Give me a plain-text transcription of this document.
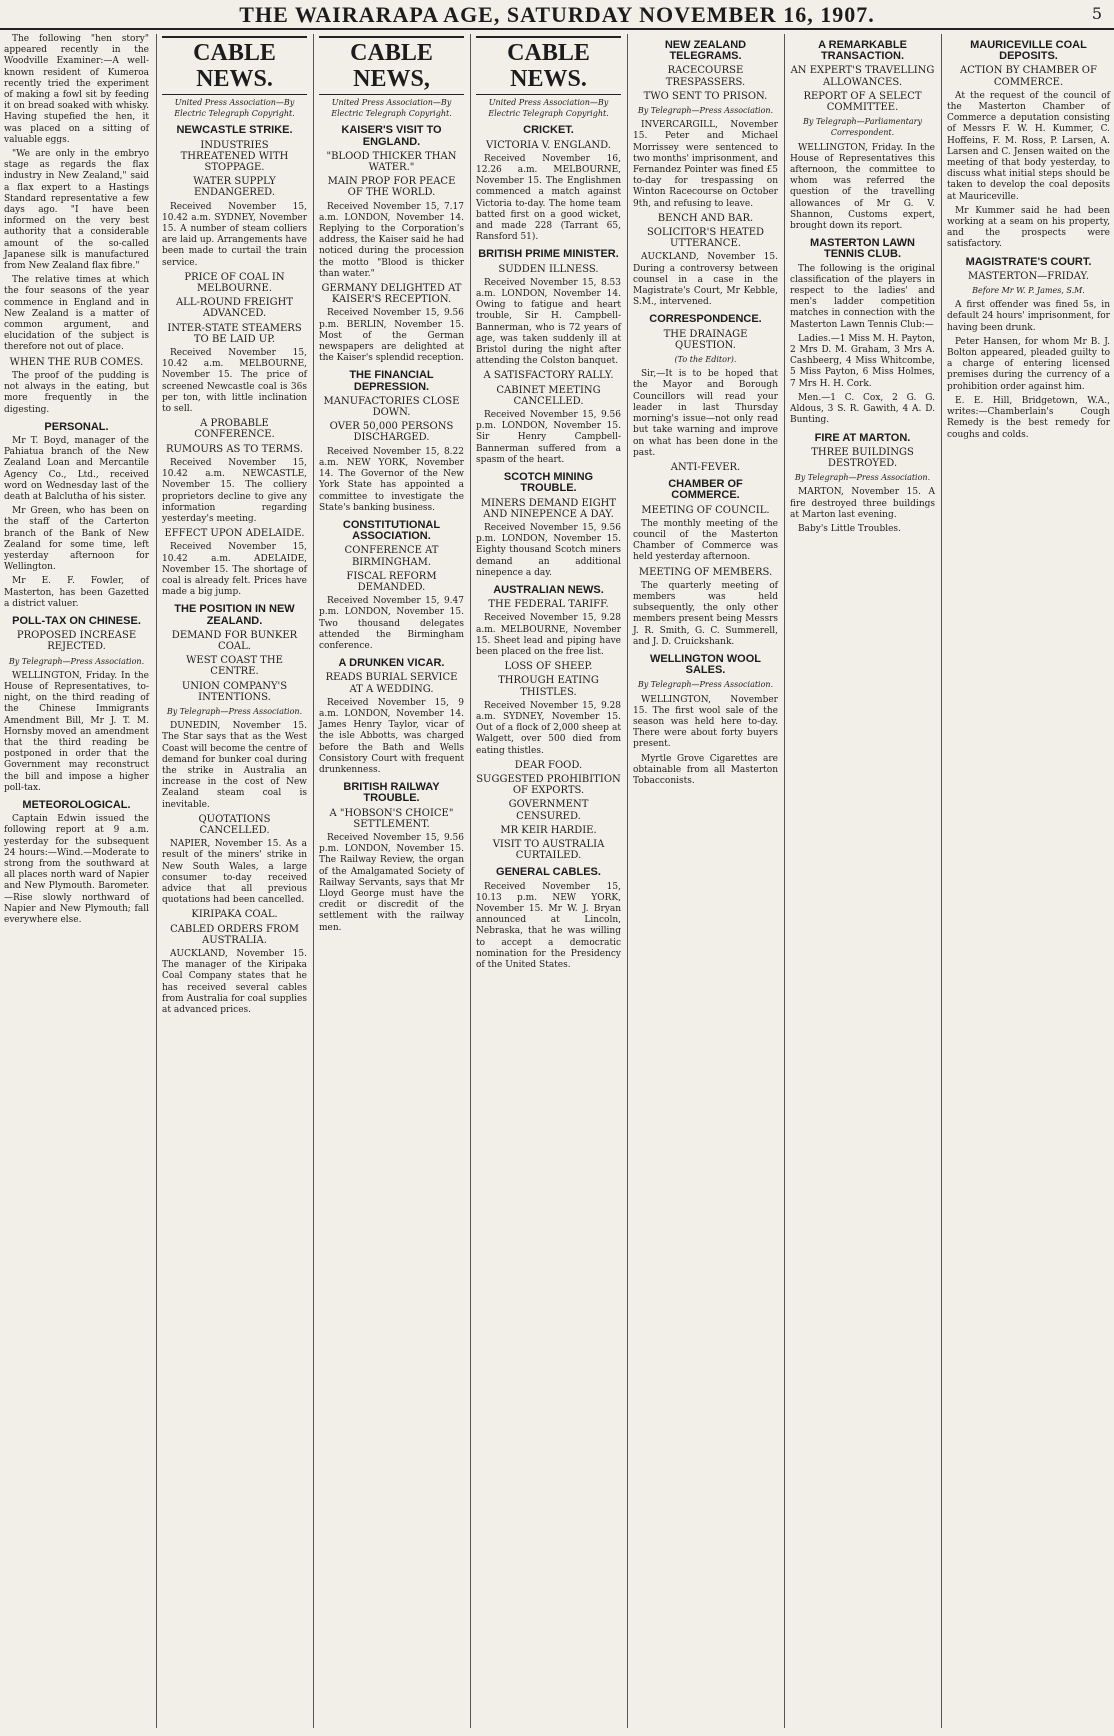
THE WAIRARAPA AGE, SATURDAY NOVEMBER 16, 1907.	5

The following "hen story" appeared recently in the Woodville Examiner:—A well-known resident of Kumeroa recently tried the experiment of making a fowl sit by feeding it on bread soaked with whisky. Having stupefied the hen, it was placed on a sitting of valuable eggs.

"We are only in the embryo stage as regards the flax industry in New Zealand," said a flax expert to a Hastings Standard representative a few days ago. "I have been informed on the very best authority that a considerable amount of the so-called Japanese silk is manufactured from New Zealand flax fibre."

The relative times at which the four seasons of the year commence in England and in New Zealand is a matter of common argument, and elucidation of the subject is therefore not out of place.

WHEN THE RUB COMES.

The proof of the pudding is not always in the eating, but more frequently in the digesting.

PERSONAL.

Mr T. Boyd, manager of the Pahiatua branch of the New Zealand Loan and Mercantile Agency Co., Ltd., received word on Wednesday last of the death at Balclutha of his sister.

Mr Green, who has been on the staff of the Carterton branch of the Bank of New Zealand for some time, left yesterday afternoon for Wellington.

Mr E. F. Fowler, of Masterton, has been Gazetted a district valuer.

POLL-TAX ON CHINESE.
PROPOSED INCREASE REJECTED.
By Telegraph—Press Association.

WELLINGTON, Friday. In the House of Representatives, to-night, on the third reading of the Chinese Immigrants Amendment Bill, Mr J. T. M. Hornsby moved an amendment that the third reading be postponed in order that the Government may reconstruct the bill and impose a higher poll-tax.

METEOROLOGICAL.

Captain Edwin issued the following report at 9 a.m. yesterday for the subsequent 24 hours:—Wind.—Moderate to strong from the southward at all places north ward of Napier and New Plymouth. Barometer.—Rise slowly northward of Napier and New Plymouth; fall everywhere else.

CABLE NEWS.
United Press Association—By Electric Telegraph Copyright.
NEWCASTLE STRIKE.
INDUSTRIES THREATENED WITH STOPPAGE.
WATER SUPPLY ENDANGERED.

Received November 15, 10.42 a.m. SYDNEY, November 15. A number of steam colliers are laid up. Arrangements have been made to curtail the train service.

PRICE OF COAL IN MELBOURNE.
ALL-ROUND FREIGHT ADVANCED.
INTER-STATE STEAMERS TO BE LAID UP.

Received November 15, 10.42 a.m. MELBOURNE, November 15. The price of screened Newcastle coal is 36s per ton, with little inclination to sell.

A PROBABLE CONFERENCE.
RUMOURS AS TO TERMS.

Received November 15, 10.42 a.m. NEWCASTLE, November 15. The colliery proprietors decline to give any information regarding yesterday's meeting.

EFFECT UPON ADELAIDE.

Received November 15, 10.42 a.m. ADELAIDE, November 15. The shortage of coal is already felt. Prices have made a big jump.

THE POSITION IN NEW ZEALAND.
DEMAND FOR BUNKER COAL.
WEST COAST THE CENTRE.
UNION COMPANY'S INTENTIONS.
By Telegraph—Press Association.

DUNEDIN, November 15. The Star says that as the West Coast will become the centre of demand for bunker coal during the strike in Australia an increase in the cost of New Zealand steam coal is inevitable.

QUOTATIONS CANCELLED.

NAPIER, November 15. As a result of the miners' strike in New South Wales, a large consumer to-day received advice that all previous quotations had been cancelled.

KIRIPAKA COAL.
CABLED ORDERS FROM AUSTRALIA.

AUCKLAND, November 15. The manager of the Kiripaka Coal Company states that he has received several cables from Australia for coal supplies at advanced prices.

CABLE NEWS,
United Press Association—By Electric Telegraph Copyright.
KAISER'S VISIT TO ENGLAND.
"BLOOD THICKER THAN WATER."
MAIN PROP FOR PEACE OF THE WORLD.

Received November 15, 7.17 a.m. LONDON, November 14. Replying to the Corporation's address, the Kaiser said he had noticed during the procession the motto "Blood is thicker than water."

GERMANY DELIGHTED AT KAISER'S RECEPTION.

Received November 15, 9.56 p.m. BERLIN, November 15. Most of the German newspapers are delighted at the Kaiser's splendid reception.

THE FINANCIAL DEPRESSION.
MANUFACTORIES CLOSE DOWN.
OVER 50,000 PERSONS DISCHARGED.

Received November 15, 8.22 a.m. NEW YORK, November 14. The Governor of the New York State has appointed a committee to investigate the State's banking business.

CONSTITUTIONAL ASSOCIATION.
CONFERENCE AT BIRMINGHAM.
FISCAL REFORM DEMANDED.

Received November 15, 9.47 p.m. LONDON, November 15. Two thousand delegates attended the Birmingham conference.

A DRUNKEN VICAR.
READS BURIAL SERVICE AT A WEDDING.

Received November 15, 9 a.m. LONDON, November 14. James Henry Taylor, vicar of the isle Abbotts, was charged before the Bath and Wells Consistory Court with frequent drunkenness.

BRITISH RAILWAY TROUBLE.
A "HOBSON'S CHOICE" SETTLEMENT.

Received November 15, 9.56 p.m. LONDON, November 15. The Railway Review, the organ of the Amalgamated Society of Railway Servants, says that Mr Lloyd George must have the credit or discredit of the settlement with the railway men.

CABLE NEWS.
United Press Association—By Electric Telegraph Copyright.
CRICKET.
VICTORIA V. ENGLAND.

Received November 16, 12.26 a.m. MELBOURNE, November 15. The Englishmen commenced a match against Victoria to-day. The home team batted first on a good wicket, and made 228 (Tarrant 65, Ransford 51).

BRITISH PRIME MINISTER.
SUDDEN ILLNESS.

Received November 15, 8.53 a.m. LONDON, November 14. Owing to fatigue and heart trouble, Sir H. Campbell-Bannerman, who is 72 years of age, was taken suddenly ill at Bristol during the night after attending the Colston banquet.

A SATISFACTORY RALLY.
CABINET MEETING CANCELLED.

Received November 15, 9.56 p.m. LONDON, November 15. Sir Henry Campbell-Bannerman suffered from a spasm of the heart.

SCOTCH MINING TROUBLE.
MINERS DEMAND EIGHT AND NINEPENCE A DAY.

Received November 15, 9.56 p.m. LONDON, November 15. Eighty thousand Scotch miners demand an additional ninepence a day.

AUSTRALIAN NEWS.
THE FEDERAL TARIFF.

Received November 15, 9.28 a.m. MELBOURNE, November 15. Sheet lead and piping have been placed on the free list.

LOSS OF SHEEP.
THROUGH EATING THISTLES.

Received November 15, 9.28 a.m. SYDNEY, November 15. Out of a flock of 2,000 sheep at Walgett, over 500 died from eating thistles.

DEAR FOOD.
SUGGESTED PROHIBITION OF EXPORTS.
GOVERNMENT CENSURED.
MR KEIR HARDIE.
VISIT TO AUSTRALIA CURTAILED.
GENERAL CABLES.

Received November 15, 10.13 p.m. NEW YORK, November 15. Mr W. J. Bryan announced at Lincoln, Nebraska, that he was willing to accept a democratic nomination for the Presidency of the United States.

NEW ZEALAND TELEGRAMS.
RACECOURSE TRESPASSERS.
TWO SENT TO PRISON.
By Telegraph—Press Association.

INVERCARGILL, November 15. Peter and Michael Morrissey were sentenced to two months' imprisonment, and Fernandez Pointer was fined £5 to-day for trespassing on Winton Racecourse on October 9th, and refusing to leave.

BENCH AND BAR.
SOLICITOR'S HEATED UTTERANCE.

AUCKLAND, November 15. During a controversy between counsel in a case in the Magistrate's Court, Mr Kebble, S.M., intervened.

CORRESPONDENCE.
THE DRAINAGE QUESTION.
(To the Editor).

Sir,—It is to be hoped that the Mayor and Borough Councillors will read your leader in last Thursday morning's issue—not only read but take warning and improve on what has been done in the past.

ANTI-FEVER.
CHAMBER OF COMMERCE.
MEETING OF COUNCIL.

The monthly meeting of the council of the Masterton Chamber of Commerce was held yesterday afternoon.

MEETING OF MEMBERS.

The quarterly meeting of members was held subsequently, the only other members present being Messrs J. R. Smith, G. C. Summerell, and J. D. Cruickshank.

WELLINGTON WOOL SALES.
By Telegraph—Press Association.

WELLINGTON, November 15. The first wool sale of the season was held here to-day. There were about forty buyers present.

Myrtle Grove Cigarettes are obtainable from all Masterton Tobacconists.

A REMARKABLE TRANSACTION.
AN EXPERT'S TRAVELLING ALLOWANCES.
REPORT OF A SELECT COMMITTEE.
By Telegraph—Parliamentary Correspondent.

WELLINGTON, Friday. In the House of Representatives this afternoon, the committee to whom was referred the question of the travelling allowances of Mr G. V. Shannon, Customs expert, brought down its report.

MASTERTON LAWN TENNIS CLUB.

The following is the original classification of the players in respect to the ladies' and men's ladder competition matches in connection with the Masterton Lawn Tennis Club:—

Ladies.—1 Miss M. H. Payton, 2 Mrs D. M. Graham, 3 Mrs A. Cashbeerg, 4 Miss Whitcombe, 5 Miss Payton, 6 Miss Holmes, 7 Mrs H. H. Cork.

Men.—1 C. Cox, 2 G. G. Aldous, 3 S. R. Gawith, 4 A. D. Bunting.

FIRE AT MARTON.
THREE BUILDINGS DESTROYED.
By Telegraph—Press Association.

MARTON, November 15. A fire destroyed three buildings at Marton last evening.

Baby's Little Troubles.

MAURICEVILLE COAL DEPOSITS.
ACTION BY CHAMBER OF COMMERCE.

At the request of the council of the Masterton Chamber of Commerce a deputation consisting of Messrs F. W. H. Kummer, C. Hoffeins, F. M. Ross, P. Larsen, A. Larsen and C. Jensen waited on the meeting of that body yesterday, to discuss what initial steps should be taken to develop the coal deposits at Mauriceville.

Mr Kummer said he had been working at a seam on his property, and the prospects were satisfactory.

MAGISTRATE'S COURT.
MASTERTON—FRIDAY.
Before Mr W. P. James, S.M.

A first offender was fined 5s, in default 24 hours' imprisonment, for having been drunk.

Peter Hansen, for whom Mr B. J. Bolton appeared, pleaded guilty to a charge of entering licensed premises during the currency of a prohibition order against him.

E. E. Hill, Bridgetown, W.A., writes:—Chamberlain's Cough Remedy is the best remedy for coughs and colds.
